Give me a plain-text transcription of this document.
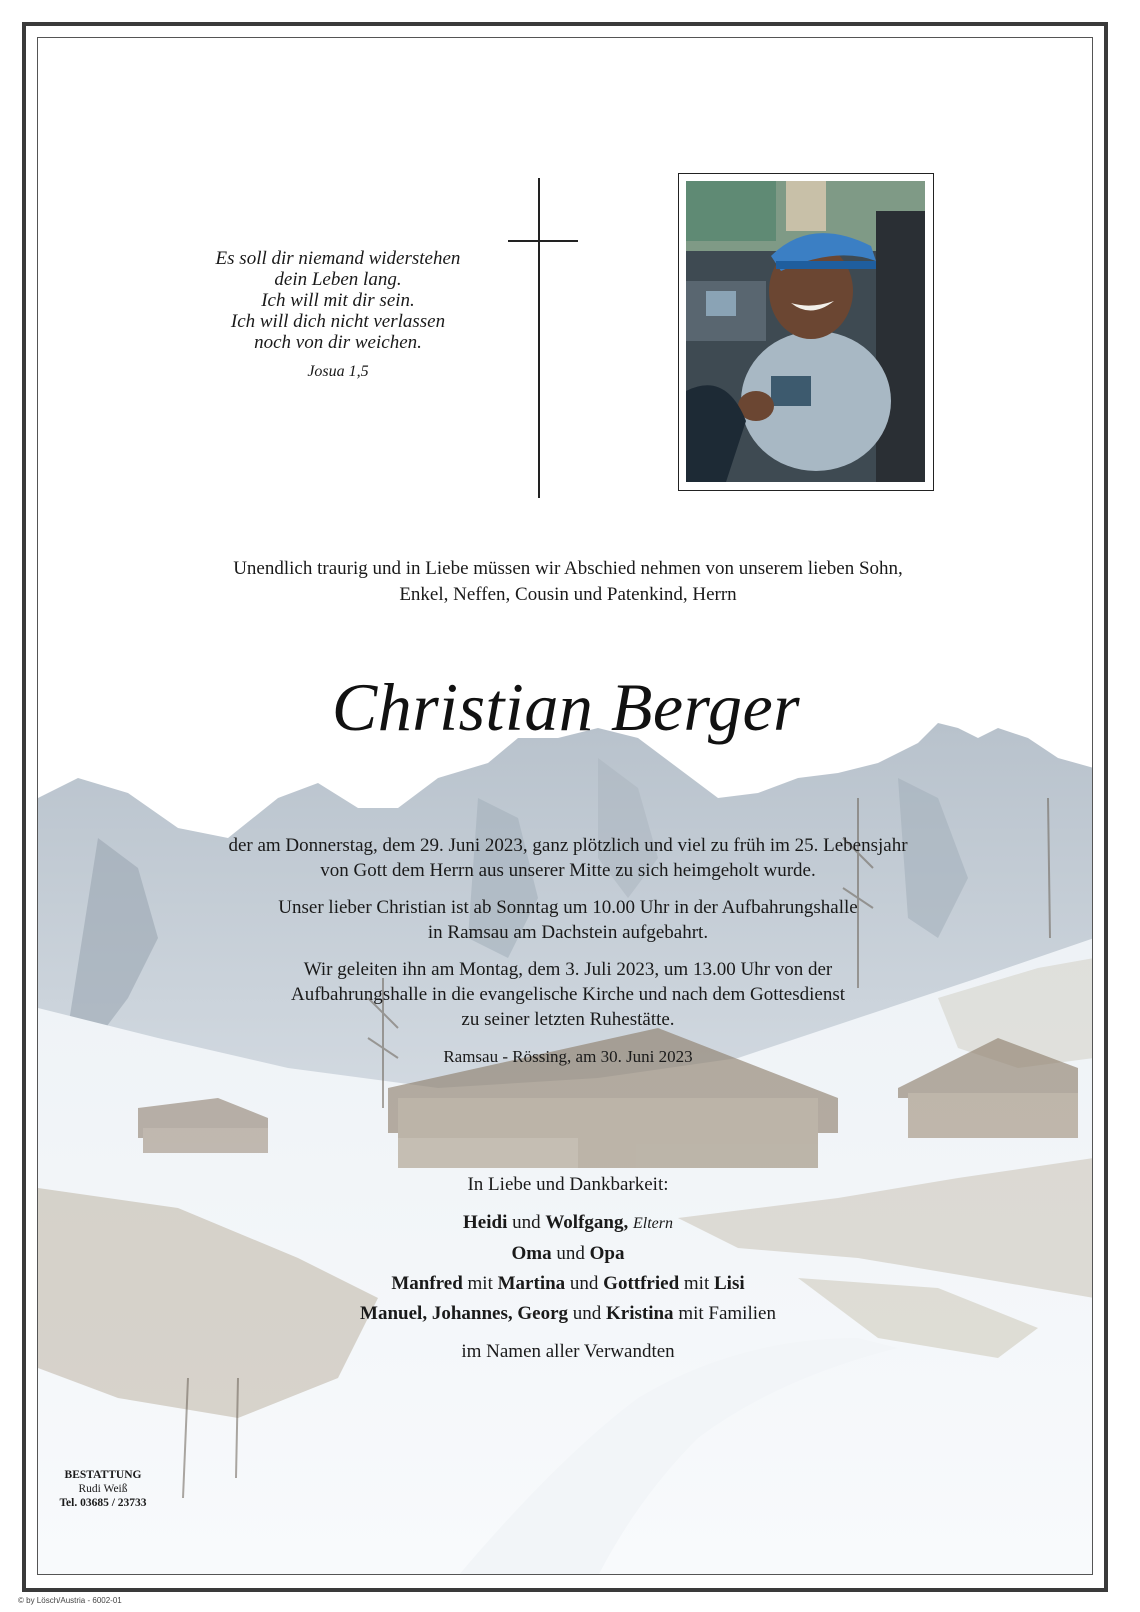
Es soll dir niemand widerstehen
dein Leben lang.
Ich will mit dir sein.
Ich will dich nicht verlassen
noch von dir weichen.
Josua 1,5
Unendlich traurig und in Liebe müssen wir Abschied nehmen von unserem lieben Sohn,
Enkel, Neffen, Cousin und Patenkind, Herrn
Christian Berger

der am Donnerstag, dem 29. Juni 2023, ganz plötzlich und viel zu früh im 25. Lebensjahr
von Gott dem Herrn aus unserer Mitte zu sich heimgeholt wurde.

Unser lieber Christian ist ab Sonntag um 10.00 Uhr in der Aufbahrungshalle
in Ramsau am Dachstein aufgebahrt.

Wir geleiten ihn am Montag, dem 3. Juli 2023, um 13.00 Uhr von der
Aufbahrungshalle in die evangelische Kirche und nach dem Gottesdienst
zu seiner letzten Ruhestätte.

Ramsau - Rössing, am 30. Juni 2023
In Liebe und Dankbarkeit:
Heidi und Wolfgang, Eltern
Oma und Opa
Manfred mit Martina und Gottfried mit Lisi
Manuel, Johannes, Georg und Kristina mit Familien
im Namen aller Verwandten
BESTATTUNG
Rudi Weiß
Tel. 03685 / 23733
© by Lösch/Austria - 6002-01
